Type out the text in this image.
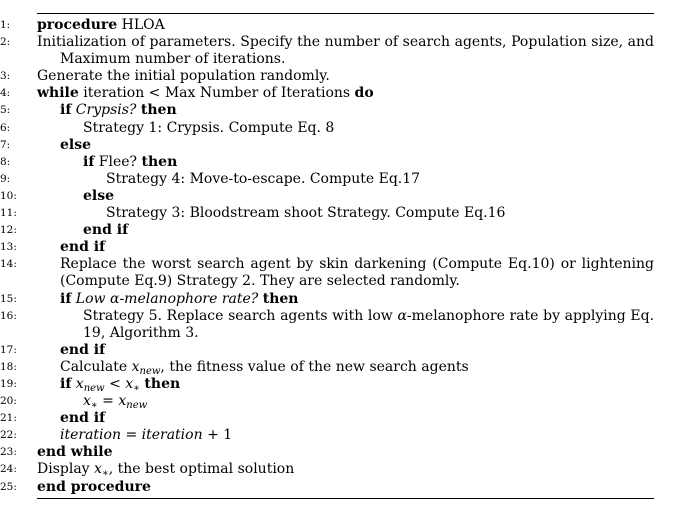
1:	procedure HLOA
2:	Initialization of parameters. Specify the number of search agents, Population size, and Maximum number of iterations.
3:	Generate the initial population randomly.
4:	while iteration < Max Number of Iterations do
5:	if Crypsis? then
6:	Strategy 1: Crypsis. Compute Eq. 8
7:	else
8:	if Flee? then
9:	Strategy 4: Move-to-escape. Compute Eq.17
10:	else
11:	Strategy 3: Bloodstream shoot Strategy. Compute Eq.16
12:	end if
13:	end if
14:	Replace the worst search agent by skin darkening (Compute Eq.10) or lightening (Compute Eq.9) Strategy 2. They are selected randomly.
15:	if Low α-melanophore rate? then
16:	Strategy 5. Replace search agents with low α-melanophore rate by applying Eq. 19, Algorithm 3.
17:	end if
18:	Calculate $x_{new}$, the fitness value of the new search agents
19:	if $x_{new} < x_∗$ then
20:	$x_∗ = x_{new}$
21:	end if
22:	iteration = iteration + 1
23:	end while
24:	Display $x_∗$, the best optimal solution
25:	end procedure
